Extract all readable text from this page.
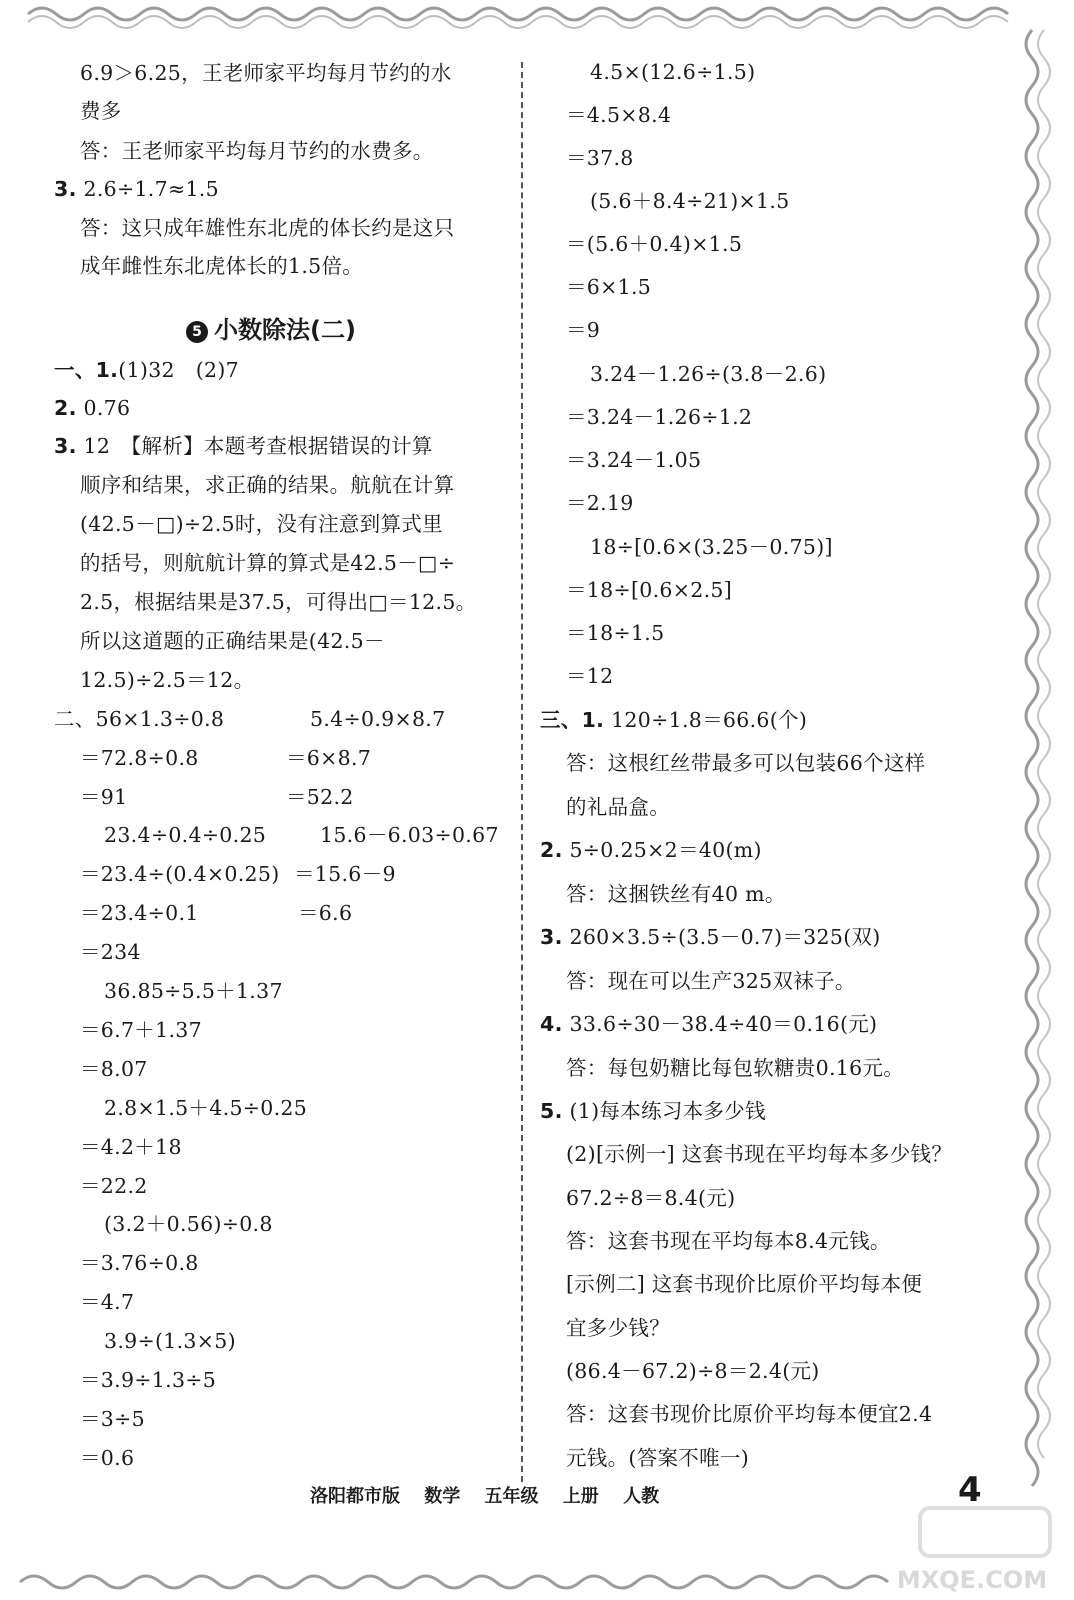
6.9＞6.25，王老师家平均每月节约的水
费多
答：王老师家平均每月节约的水费多。
3. 2.6÷1.7≈1.5
答：这只成年雄性东北虎的体长约是这只
成年雌性东北虎体长的1.5倍。
5 小数除法(二)
一、1.(1)32　(2)7
2. 0.76
3. 12　【解析】本题考查根据错误的计算
顺序和结果，求正确的结果。航航在计算
(42.5－□)÷2.5时，没有注意到算式里
的括号，则航航计算的算式是42.5－□÷
2.5，根据结果是37.5，可得出□＝12.5。
所以这道题的正确结果是(42.5－
12.5)÷2.5＝12。
二、56×1.3÷0.8	5.4÷0.9×8.7
＝72.8÷0.8	＝6×8.7
＝91	＝52.2
23.4÷0.4÷0.25	15.6－6.03÷0.67
＝23.4÷(0.4×0.25) ＝15.6－9
＝23.4÷0.1	＝6.6
＝234
36.85÷5.5＋1.37
＝6.7＋1.37
＝8.07
2.8×1.5＋4.5÷0.25
＝4.2＋18
＝22.2
(3.2＋0.56)÷0.8
＝3.76÷0.8
＝4.7
3.9÷(1.3×5)
＝3.9÷1.3÷5
＝3÷5
＝0.6
4.5×(12.6÷1.5)
＝4.5×8.4
＝37.8
(5.6＋8.4÷21)×1.5
＝(5.6＋0.4)×1.5
＝6×1.5
＝9
3.24－1.26÷(3.8－2.6)
＝3.24－1.26÷1.2
＝3.24－1.05
＝2.19
18÷[0.6×(3.25－0.75)]
＝18÷[0.6×2.5]
＝18÷1.5
＝12
三、1. 120÷1.8＝66.6(个)
答：这根红丝带最多可以包装66个这样
的礼品盒。
2. 5÷0.25×2＝40(m)
答：这捆铁丝有40 m。
3. 260×3.5÷(3.5－0.7)＝325(双)
答：现在可以生产325双袜子。
4. 33.6÷30－38.4÷40＝0.16(元)
答：每包奶糖比每包软糖贵0.16元。
5. (1)每本练习本多少钱
(2)[示例一] 这套书现在平均每本多少钱？
67.2÷8＝8.4(元)
答：这套书现在平均每本8.4元钱。
[示例二] 这套书现价比原价平均每本便
宜多少钱？
(86.4－67.2)÷8＝2.4(元)
答：这套书现价比原价平均每本便宜2.4
元钱。(答案不唯一)
洛阳都市版 数学 五年级 上册 人教	4
MXQE.COM
